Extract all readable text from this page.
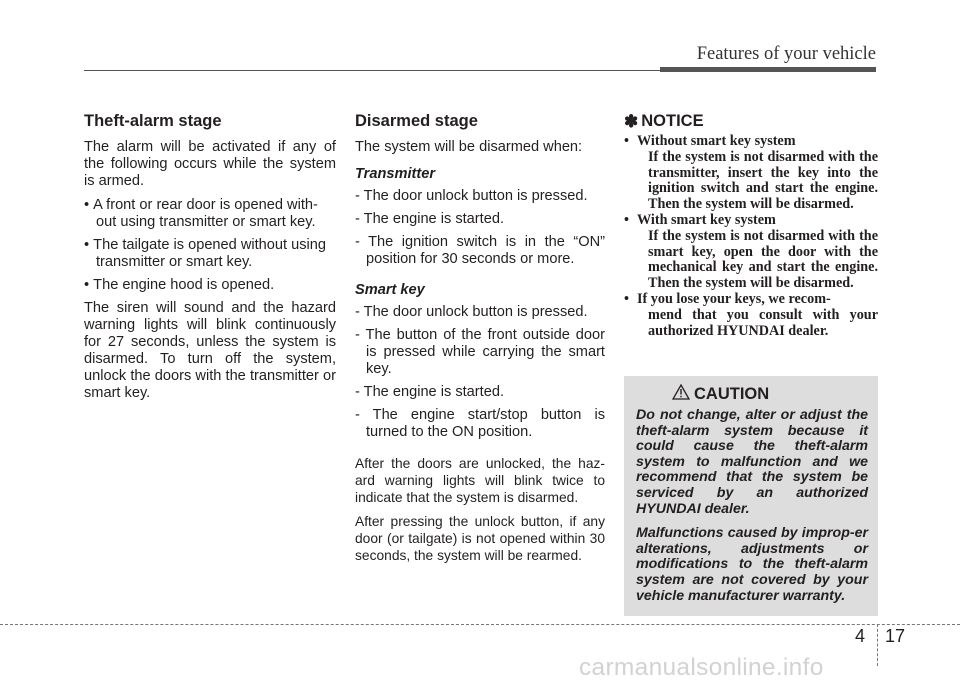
Features of your vehicle
Theft-alarm stage

The alarm will be activated if any of the following occurs while the system is armed.

• A front or rear door is opened with-out using transmitter or smart key.
• The tailgate is opened without using transmitter or smart key.
• The engine hood is opened.

The siren will sound and the hazard warning lights will blink continuously for 27 seconds, unless the system is disarmed. To turn off the system, unlock the doors with the transmitter or smart key.

Disarmed stage

The system will be disarmed when:

Transmitter
- The door unlock button is pressed.
- The engine is started.
- The ignition switch is in the “ON” position for 30 seconds or more.
Smart key
- The door unlock button is pressed.
- The button of the front outside door is pressed while carrying the smart key.
- The engine is started.
- The engine start/stop button is turned to the ON position.

After the doors are unlocked, the haz-ard warning lights will blink twice to indicate that the system is disarmed.

After pressing the unlock button, if any door (or tailgate) is not opened within 30 seconds, the system will be rearmed.

✽ NOTICE
• Without smart key system
If the system is not disarmed with the transmitter, insert the key into the ignition switch and start the engine. Then the system will be disarmed.
• With smart key system
If the system is not disarmed with the smart key, open the door with the mechanical key and start the engine. Then the system will be disarmed.
• If you lose your keys, we recom-
mend that you consult with your authorized HYUNDAI dealer.
CAUTION

Do not change, alter or adjust the theft-alarm system because it could cause the theft-alarm system to malfunction and we recommend that the system be serviced by an authorized HYUNDAI dealer.

Malfunctions caused by improp-er alterations, adjustments or modifications to the theft-alarm system are not covered by your vehicle manufacturer warranty.

4 17
carmanualsonline.info
